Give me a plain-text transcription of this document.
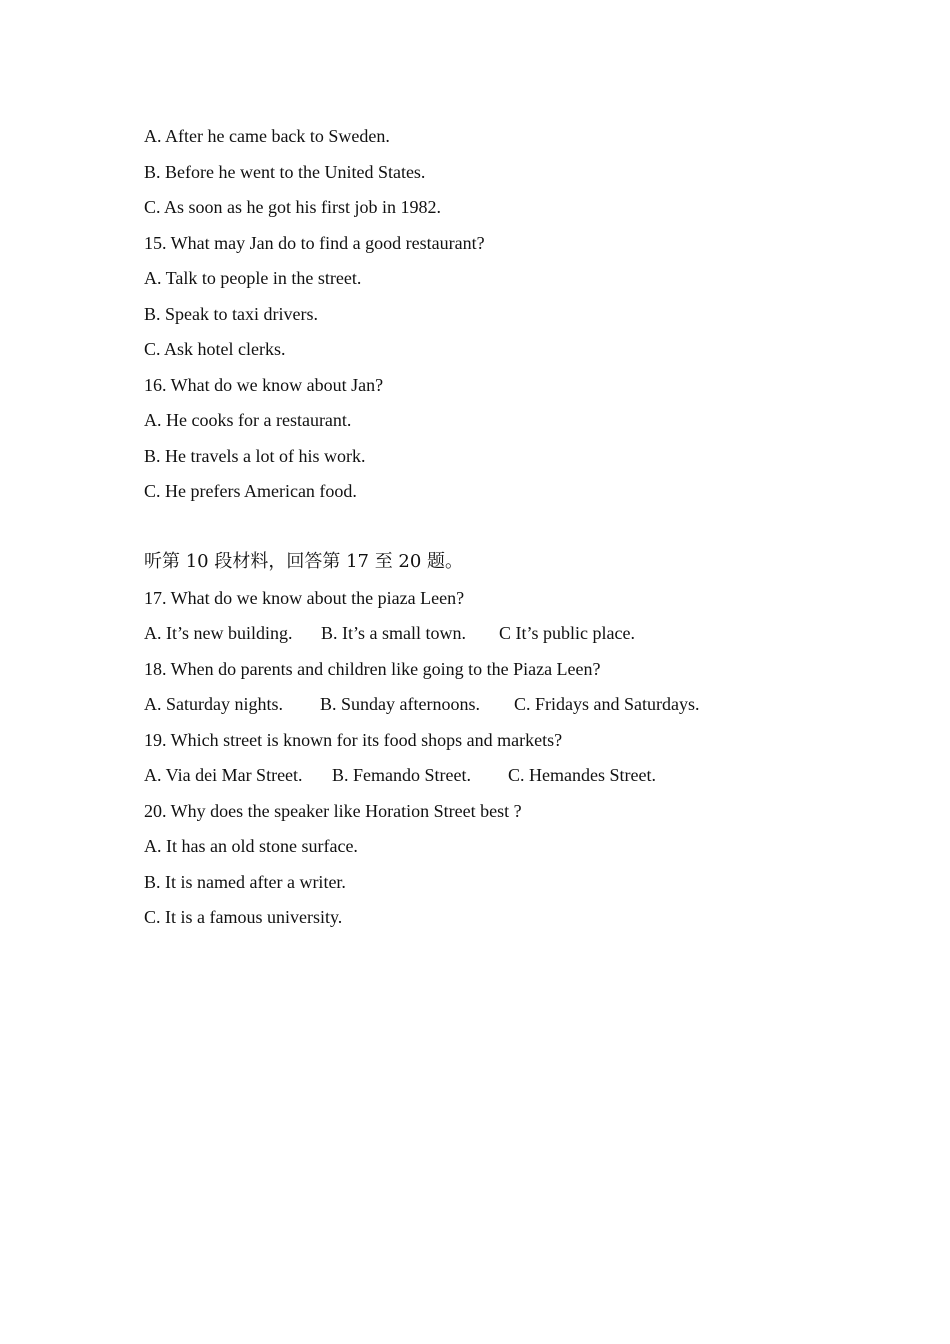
A. After he came back to Sweden.
B. Before he went to the United States.
C. As soon as he got his first job in 1982.
15. What may Jan do to find a good restaurant?
A. Talk to people in the street.
B. Speak to taxi drivers.
C. Ask hotel clerks.
16. What do we know about Jan?
A. He cooks for a restaurant.
B. He travels a lot of his work.
C. He prefers American food.
听第 10 段材料，回答第 17 至 20 题。
17. What do we know about the piaza Leen?

A. It’s new building.

B. It’s a small town.

C It’s public place.

18. When do parents and children like going to the Piaza Leen?

A. Saturday nights.

B. Sunday afternoons.

C. Fridays and Saturdays.

19. Which street is known for its food shops and markets?

A. Via dei Mar Street.

B. Femando Street.

C. Hemandes Street.

20. Why does the speaker like Horation Street best ?
A. It has an old stone surface.
B. It is named after a writer.
C. It is a famous university.
